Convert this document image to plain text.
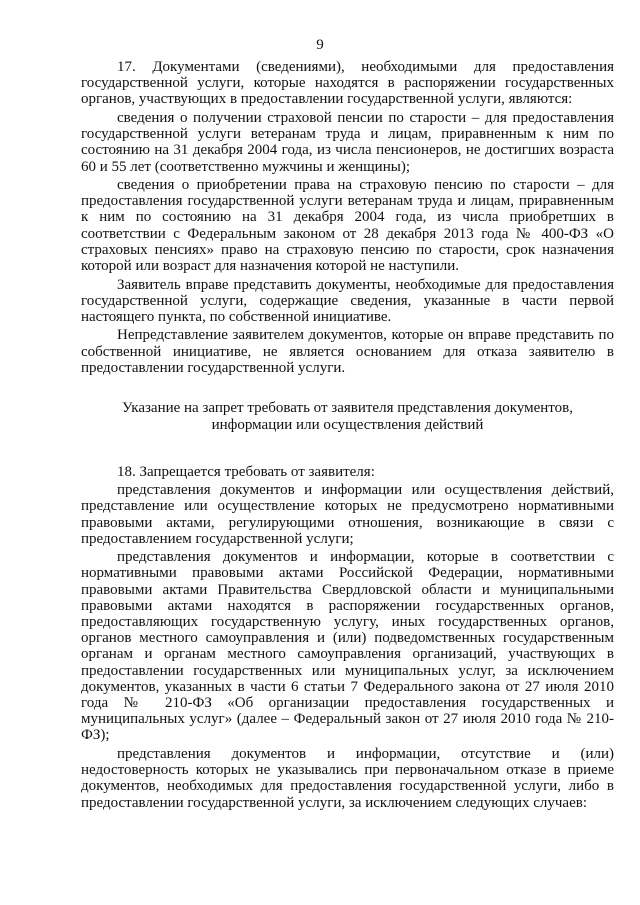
9

17. Документами (сведениями), необходимыми для предоставления государственной услуги, которые находятся в распоряжении государственных органов, участвующих в предоставлении государственной услуги, являются:

сведения о получении страховой пенсии по старости – для предоставления государственной услуги ветеранам труда и лицам, приравненным к ним по состоянию на 31 декабря 2004 года, из числа пенсионеров, не достигших возраста 60 и 55 лет (соответственно мужчины и женщины);

сведения о приобретении права на страховую пенсию по старости – для предоставления государственной услуги ветеранам труда и лицам, приравненным к ним по состоянию на 31 декабря 2004 года, из числа приобретших в соответствии с Федеральным законом от 28 декабря 2013 года № 400-ФЗ «О страховых пенсиях» право на страховую пенсию по старости, срок назначения которой или возраст для назначения которой не наступили.

Заявитель вправе представить документы, необходимые для предоставления государственной услуги, содержащие сведения, указанные в части первой настоящего пункта, по собственной инициативе.

Непредставление заявителем документов, которые он вправе представить по собственной инициативе, не является основанием для отказа заявителю в предоставлении государственной услуги.

Указание на запрет требовать от заявителя представления документов,
информации или осуществления действий

18. Запрещается требовать от заявителя:

представления документов и информации или осуществления действий, представление или осуществление которых не предусмотрено нормативными правовыми актами, регулирующими отношения, возникающие в связи с предоставлением государственной услуги;

представления документов и информации, которые в соответствии с нормативными правовыми актами Российской Федерации, нормативными правовыми актами Правительства Свердловской области и муниципальными правовыми актами находятся в распоряжении государственных органов, предоставляющих государственную услугу, иных государственных органов, органов местного самоуправления и (или) подведомственных государственным органам и органам местного самоуправления организаций, участвующих в предоставлении государственных или муниципальных услуг, за исключением документов, указанных в части 6 статьи 7 Федерального закона от 27 июля 2010 года № 210-ФЗ «Об организации предоставления государственных и муниципальных услуг» (далее – Федеральный закон от 27 июля 2010 года № 210-ФЗ);

представления документов и информации, отсутствие и (или) недостоверность которых не указывались при первоначальном отказе в приеме документов, необходимых для предоставления государственной услуги, либо в предоставлении государственной услуги, за исключением следующих случаев:
